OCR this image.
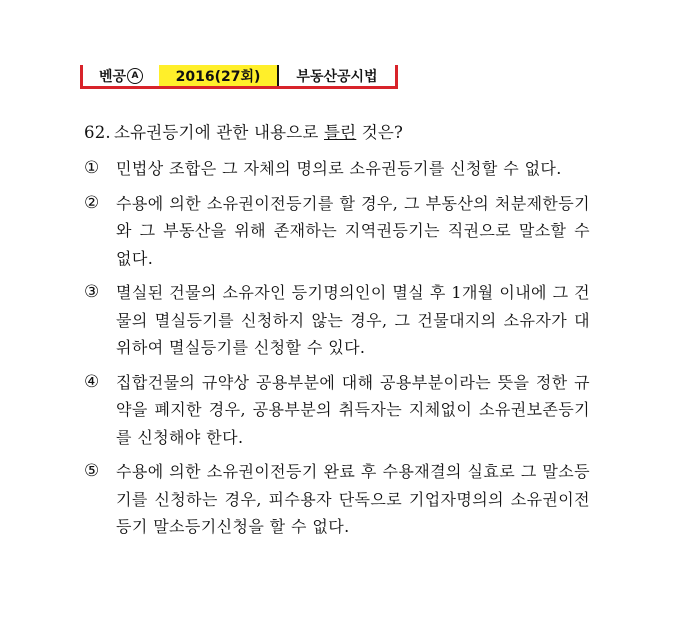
벤공 A	2016(27회)	부동산공시법
62. 소유권등기에 관한 내용으로 틀린 것은?
① 민법상 조합은 그 자체의 명의로 소유권등기를 신청할 수 없다.
② 수용에 의한 소유권이전등기를 할 경우, 그 부동산의 처분제한등기와 그 부동산을 위해 존재하는 지역권등기는 직권으로 말소할 수 없다.
③ 멸실된 건물의 소유자인 등기명의인이 멸실 후 1개월 이내에 그 건물의 멸실등기를 신청하지 않는 경우, 그 건물대지의 소유자가 대위하여 멸실등기를 신청할 수 있다.
④ 집합건물의 규약상 공용부분에 대해 공용부분이라는 뜻을 정한 규약을 폐지한 경우, 공용부분의 취득자는 지체없이 소유권보존등기를 신청해야 한다.
⑤ 수용에 의한 소유권이전등기 완료 후 수용재결의 실효로 그 말소등기를 신청하는 경우, 피수용자 단독으로 기업자명의의 소유권이전등기 말소등기신청을 할 수 없다.
